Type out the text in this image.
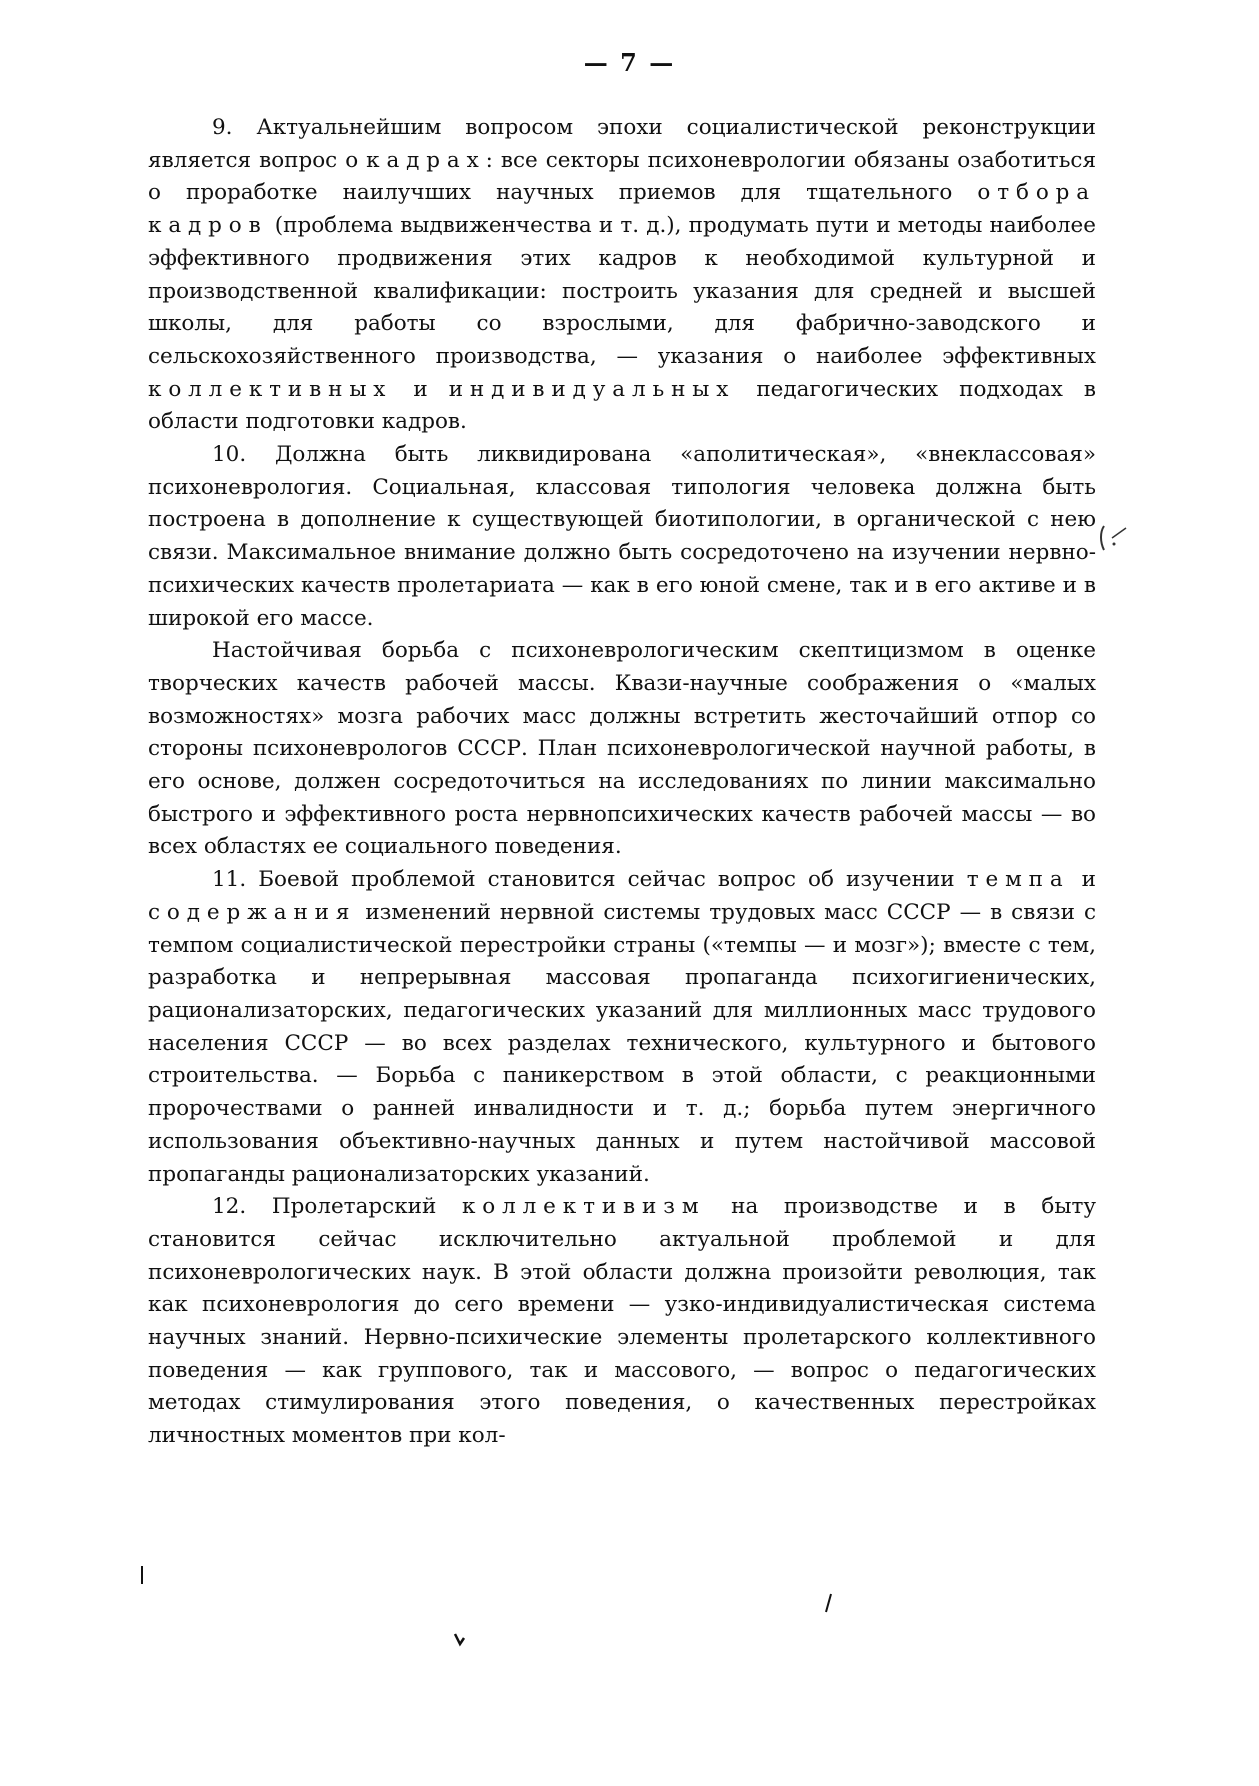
— 7 —

9. Актуальнейшим вопросом эпохи социалистической реконструкции является вопрос о кадрах: все секторы психоневрологии обязаны озаботиться о проработке наилучших научных приемов для тщательного отбора кадров (проблема выдвиженчества и т. д.), продумать пути и методы наиболее эффективного продвижения этих кадров к необходимой культурной и производственной квалификации: построить указания для средней и высшей школы, для работы со взрослыми, для фабрично-заводского и сельскохозяйственного производства, — указания о наиболее эффективных коллективных и индивидуальных педагогических подходах в области подготовки кадров.

10. Должна быть ликвидирована «аполитическая», «внеклассовая» психоневрология. Социальная, классовая типология человека должна быть построена в дополнение к существующей биотипологии, в органической с нею связи. Максимальное внимание должно быть сосредоточено на изучении нервно-психических качеств пролетариата — как в его юной смене, так и в его активе и в широкой его массе.

Настойчивая борьба с психоневрологическим скептицизмом в оценке творческих качеств рабочей массы. Квази-научные соображения о «малых возможностях» мозга рабочих масс должны встретить жесточайший отпор со стороны психоневрологов СССР. План психоневрологической научной работы, в его основе, должен сосредоточиться на исследованиях по линии максимально быстрого и эффективного роста нервнопсихических качеств рабочей массы — во всех областях ее социального поведения.

11. Боевой проблемой становится сейчас вопрос об изучении темпа и содержания изменений нервной системы трудовых масс СССР — в связи с темпом социалистической перестройки страны («темпы — и мозг»); вместе с тем, разработка и непрерывная массовая пропаганда психогигиенических, рационализаторских, педагогических указаний для миллионных масс трудового населения СССР — во всех разделах технического, культурного и бытового строительства. — Борьба с паникерством в этой области, с реакционными пророчествами о ранней инвалидности и т. д.; борьба путем энергичного использования объективно-научных данных и путем настойчивой массовой пропаганды рационализаторских указаний.

12. Пролетарский коллективизм на производстве и в быту становится сейчас исключительно актуальной проблемой и для психоневрологических наук. В этой области должна произойти революция, так как психоневрология до сего времени — узко-индивидуалистическая система научных знаний. Нервно-психические элементы пролетарского коллективного поведения — как группового, так и массового, — вопрос о педагогических методах стимулирования этого поведения, о качественных перестройках личностных моментов при кол-
